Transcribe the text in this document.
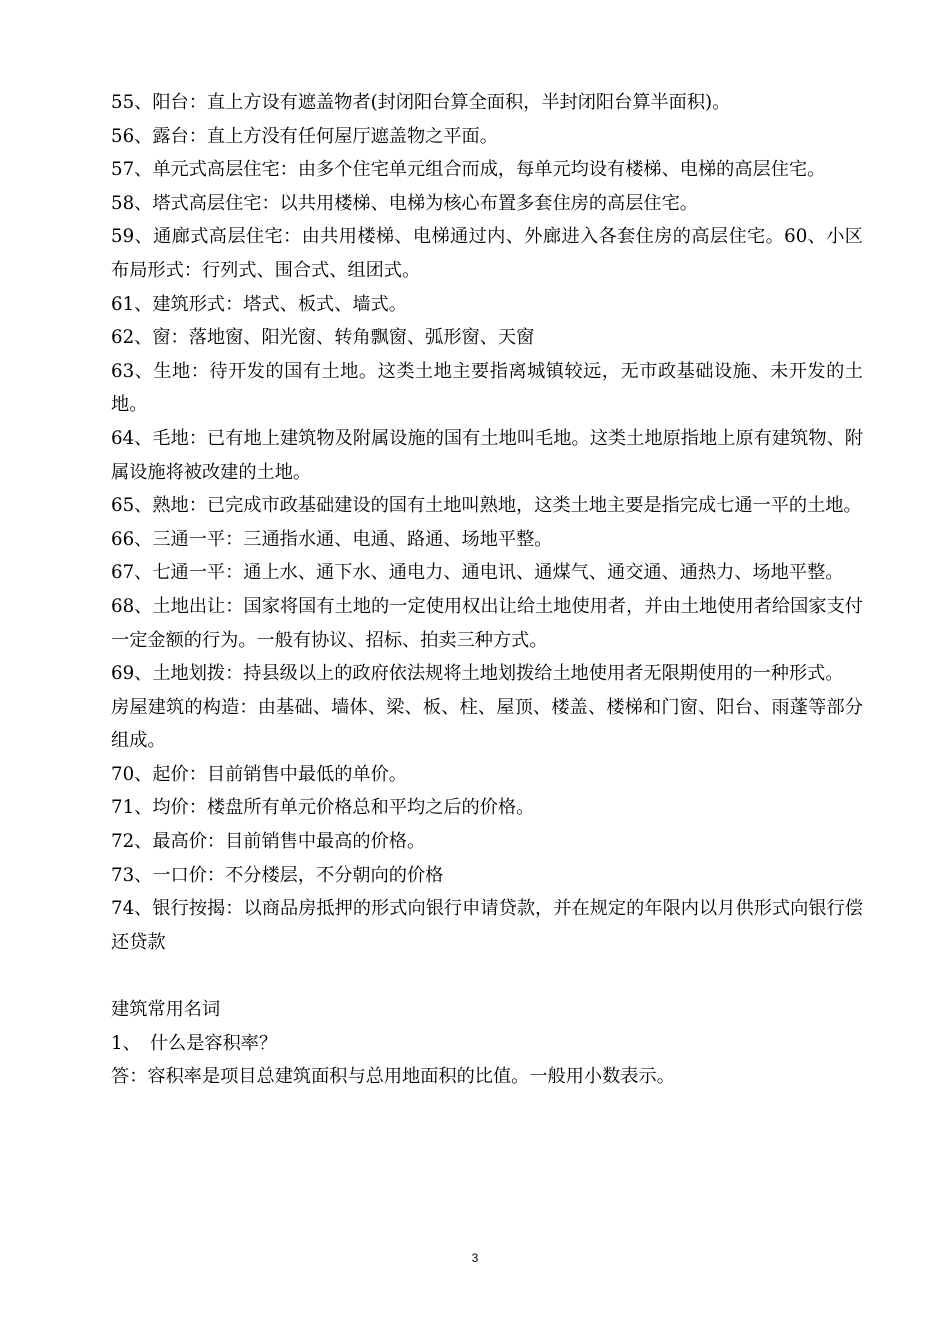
55、阳台：直上方设有遮盖物者(封闭阳台算全面积，半封闭阳台算半面积)。

56、露台：直上方没有任何屋厅遮盖物之平面。

57、单元式高层住宅：由多个住宅单元组合而成，每单元均设有楼梯、电梯的高层住宅。

58、塔式高层住宅：以共用楼梯、电梯为核心布置多套住房的高层住宅。

59、通廊式高层住宅：由共用楼梯、电梯通过内、外廊进入各套住房的高层住宅。60、小区布局形式：行列式、围合式、组团式。

61、建筑形式：塔式、板式、墙式。

62、窗：落地窗、阳光窗、转角飘窗、弧形窗、天窗

63、生地：待开发的国有土地。这类土地主要指离城镇较远，无市政基础设施、未开发的土地。

64、毛地：已有地上建筑物及附属设施的国有土地叫毛地。这类土地原指地上原有建筑物、附属设施将被改建的土地。

65、熟地：已完成市政基础建设的国有土地叫熟地，这类土地主要是指完成七通一平的土地。

66、三通一平：三通指水通、电通、路通、场地平整。

67、七通一平：通上水、通下水、通电力、通电讯、通煤气、通交通、通热力、场地平整。

68、土地出让：国家将国有土地的一定使用权出让给土地使用者，并由土地使用者给国家支付一定金额的行为。一般有协议、招标、拍卖三种方式。

69、土地划拨：持县级以上的政府依法规将土地划拨给土地使用者无限期使用的一种形式。

房屋建筑的构造：由基础、墙体、梁、板、柱、屋顶、楼盖、楼梯和门窗、阳台、雨蓬等部分组成。

70、起价：目前销售中最低的单价。

71、均价：楼盘所有单元价格总和平均之后的价格。

72、最高价：目前销售中最高的价格。

73、一口价：不分楼层，不分朝向的价格

74、银行按揭：以商品房抵押的形式向银行申请贷款，并在规定的年限内以月供形式向银行偿还贷款

建筑常用名词

1、　什么是容积率？

答：容积率是项目总建筑面积与总用地面积的比值。一般用小数表示。

3
